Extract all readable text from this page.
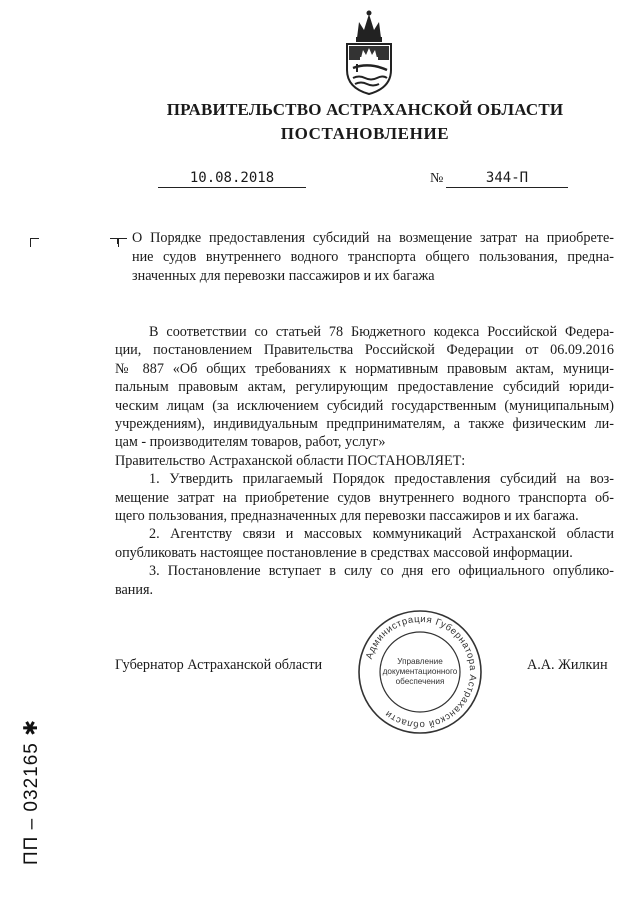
ПРАВИТЕЛЬСТВО АСТРАХАНСКОЙ ОБЛАСТИ
ПОСТАНОВЛЕНИЕ
10.08.2018	№	344-П
О Порядке предоставления субсидий на возмещение затрат на приобрете-
ние судов внутреннего водного транспорта общего пользования, предна-
значенных для перевозки пассажиров и их багажа
В соответствии со статьей 78 Бюджетного кодекса Российской Федера-
ции, постановлением Правительства Российской Федерации от 06.09.2016
№ 887 «Об общих требованиях к нормативным правовым актам, муници-
пальным правовым актам, регулирующим предоставление субсидий юриди-
ческим лицам (за исключением субсидий государственным (муниципальным)
учреждениям), индивидуальным предпринимателям, а также физическим ли-
цам - производителям товаров, работ, услуг»
Правительство Астраханской области ПОСТАНОВЛЯЕТ:
1. Утвердить прилагаемый Порядок предоставления субсидий на воз-
мещение затрат на приобретение судов внутреннего водного транспорта об-
щего пользования, предназначенных для перевозки пассажиров и их багажа.
2. Агентству связи и массовых коммуникаций Астраханской области
опубликовать настоящее постановление в средствах массовой информации.
3. Постановление вступает в силу со дня его официального опублико-
вания.
Губернатор Астраханской области	А.А. Жилкин
Администрация Губернатора Астраханской области
Управление
документационного
обеспечения
ПП – 032165 ✱
